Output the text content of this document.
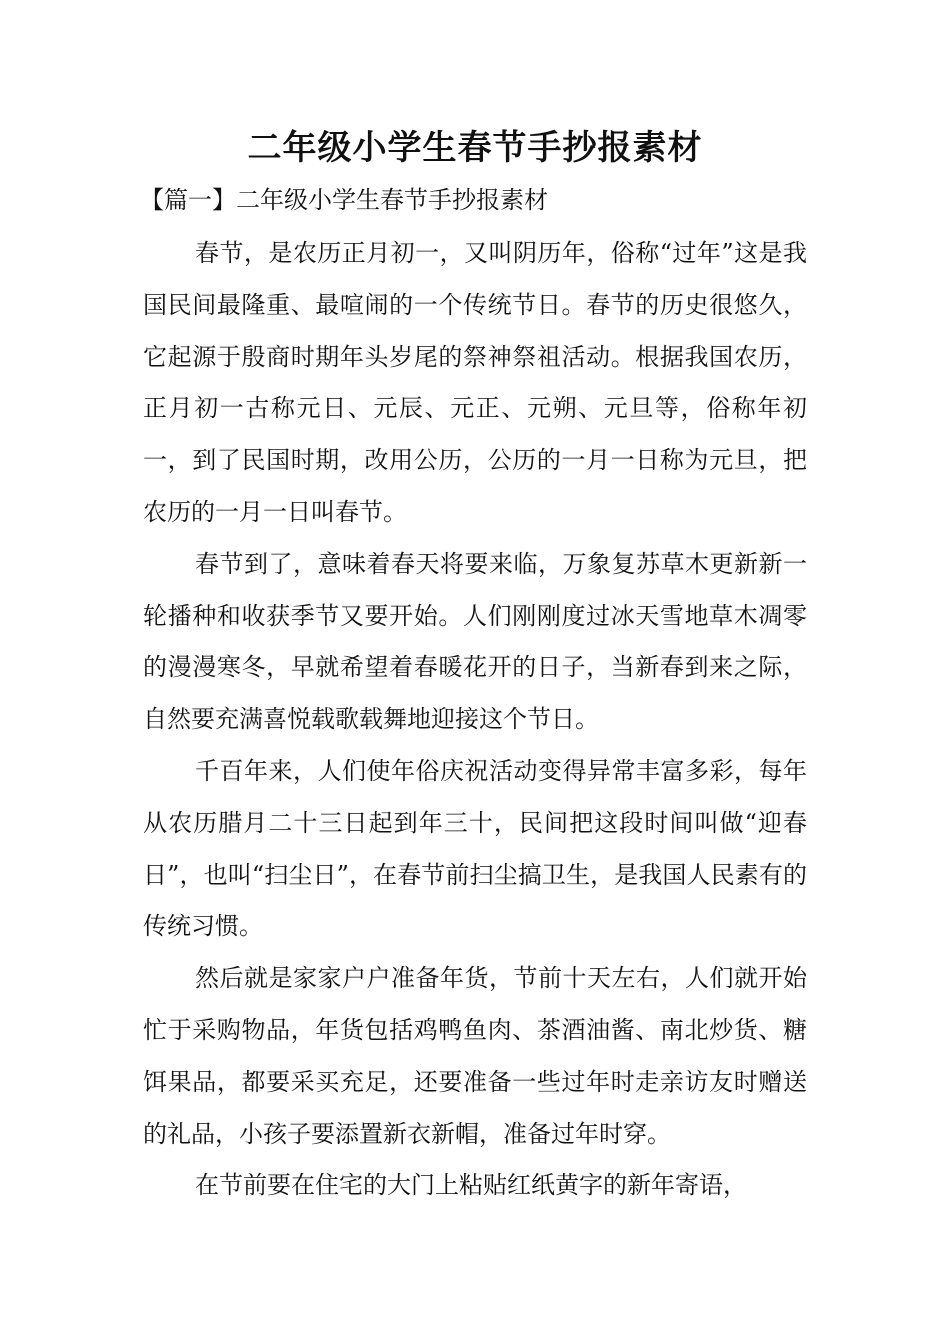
二年级小学生春节手抄报素材
【篇一】二年级小学生春节手抄报素材

春节，是农历正月初一，又叫阴历年，俗称“过年”这是我国民间最隆重、最喧闹的一个传统节日。春节的历史很悠久，它起源于殷商时期年头岁尾的祭神祭祖活动。根据我国农历，正月初一古称元日、元辰、元正、元朔、元旦等，俗称年初一，到了民国时期，改用公历，公历的一月一日称为元旦，把农历的一月一日叫春节。

春节到了，意味着春天将要来临，万象复苏草木更新新一轮播种和收获季节又要开始。人们刚刚度过冰天雪地草木凋零的漫漫寒冬，早就希望着春暖花开的日子，当新春到来之际，自然要充满喜悦载歌载舞地迎接这个节日。

千百年来，人们使年俗庆祝活动变得异常丰富多彩，每年从农历腊月二十三日起到年三十，民间把这段时间叫做“迎春日”，也叫“扫尘日”，在春节前扫尘搞卫生，是我国人民素有的传统习惯。

然后就是家家户户准备年货，节前十天左右，人们就开始忙于采购物品，年货包括鸡鸭鱼肉、茶酒油酱、南北炒货、糖饵果品，都要采买充足，还要准备一些过年时走亲访友时赠送的礼品，小孩子要添置新衣新帽，准备过年时穿。

在节前要在住宅的大门上粘贴红纸黄字的新年寄语，
